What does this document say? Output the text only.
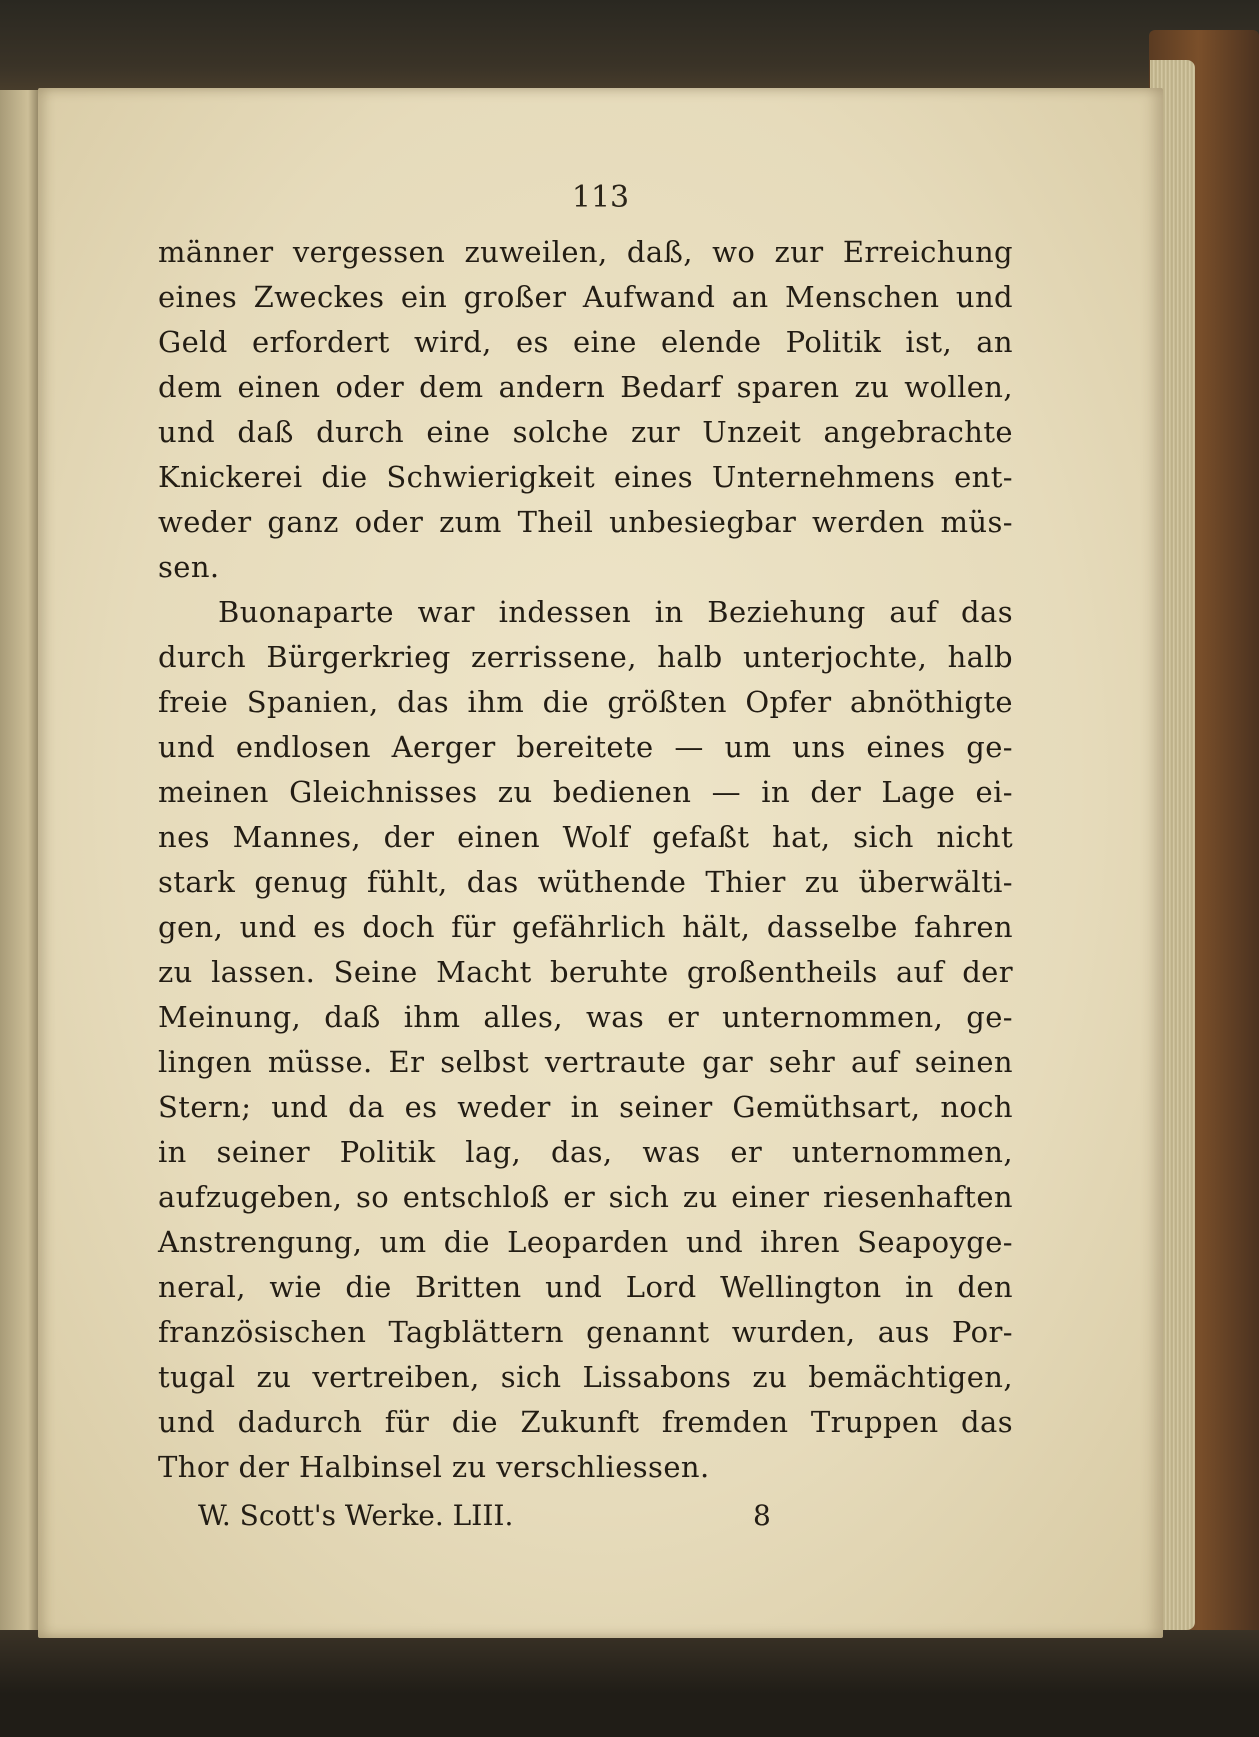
113
männer vergessen zuweilen, daß, wo zur Erreichung
eines Zweckes ein großer Aufwand an Menschen und
Geld erfordert wird, es eine elende Politik ist, an
dem einen oder dem andern Bedarf sparen zu wollen,
und daß durch eine solche zur Unzeit angebrachte
Knickerei die Schwierigkeit eines Unternehmens ent-
weder ganz oder zum Theil unbesiegbar werden müs-
sen.
Buonaparte war indessen in Beziehung auf das
durch Bürgerkrieg zerrissene, halb unterjochte, halb
freie Spanien, das ihm die größten Opfer abnöthigte
und endlosen Aerger bereitete — um uns eines ge-
meinen Gleichnisses zu bedienen — in der Lage ei-
nes Mannes, der einen Wolf gefaßt hat, sich nicht
stark genug fühlt, das wüthende Thier zu überwälti-
gen, und es doch für gefährlich hält, dasselbe fahren
zu lassen. Seine Macht beruhte großentheils auf der
Meinung, daß ihm alles, was er unternommen, ge-
lingen müsse. Er selbst vertraute gar sehr auf seinen
Stern; und da es weder in seiner Gemüthsart, noch
in seiner Politik lag, das, was er unternommen,
aufzugeben, so entschloß er sich zu einer riesenhaften
Anstrengung, um die Leoparden und ihren Seapoyge-
neral, wie die Britten und Lord Wellington in den
französischen Tagblättern genannt wurden, aus Por-
tugal zu vertreiben, sich Lissabons zu bemächtigen,
und dadurch für die Zukunft fremden Truppen das
Thor der Halbinsel zu verschliessen.
W. Scott's Werke. LIII.	8
